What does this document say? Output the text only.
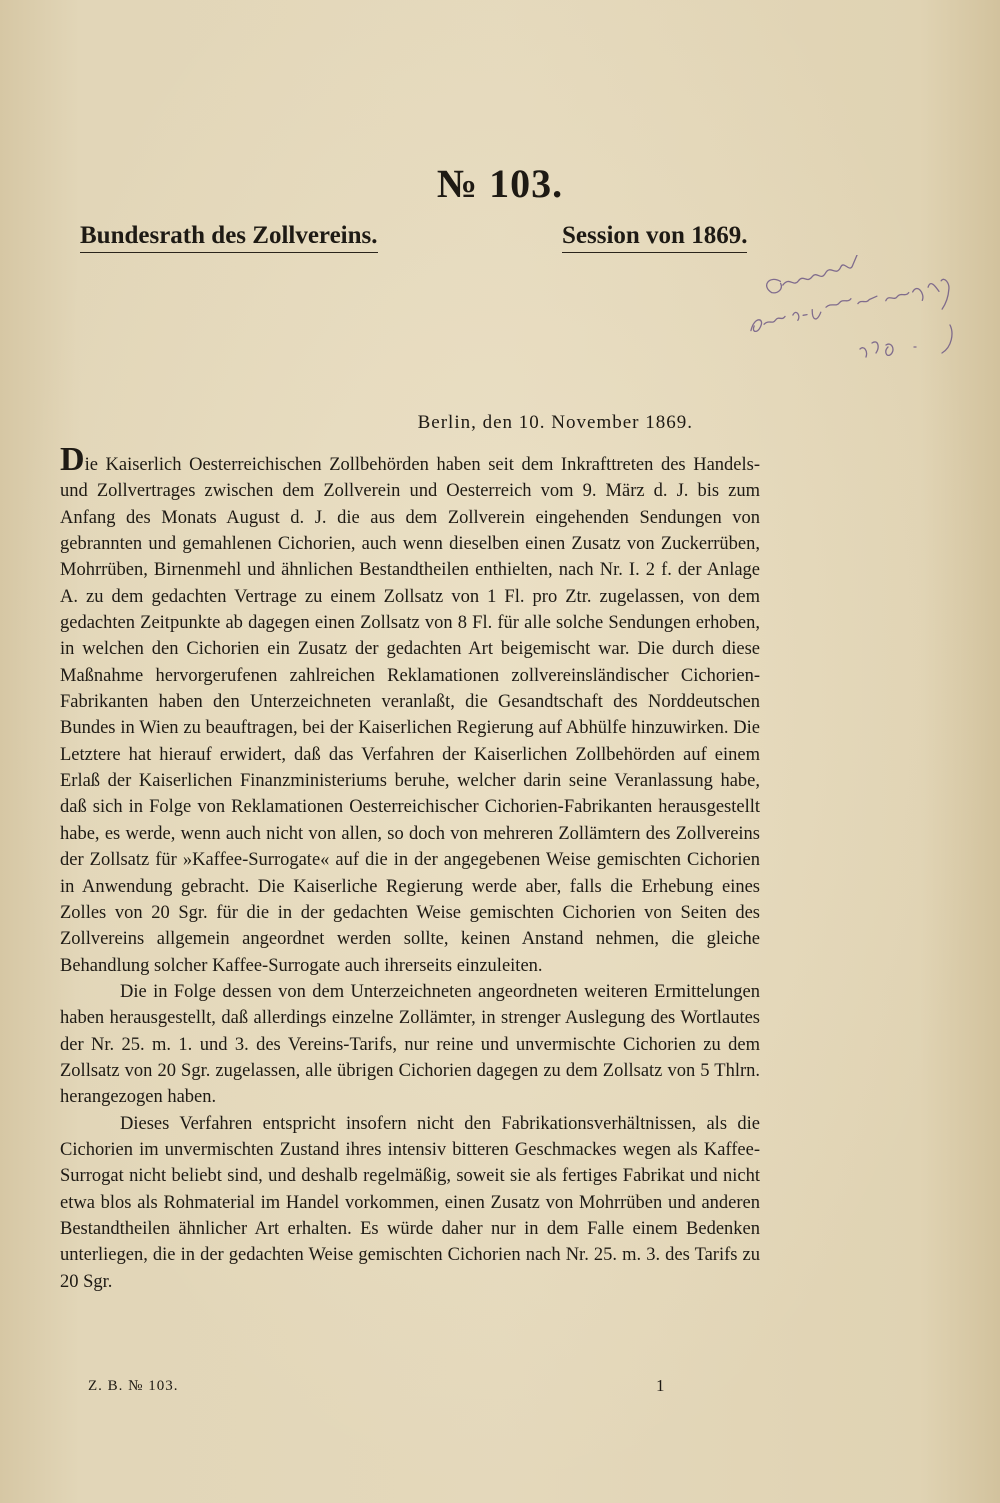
№ 103.
Bundesrath des Zollvereins.	Session von 1869.
Berlin, den 10. November 1869.

Die Kaiserlich Oesterreichischen Zollbehörden haben seit dem Inkrafttreten des Handels- und Zollvertrages zwischen dem Zollverein und Oesterreich vom 9. März d. J. bis zum Anfang des Monats August d. J. die aus dem Zollverein eingehenden Sendungen von gebrannten und gemahlenen Cichorien, auch wenn dieselben einen Zusatz von Zuckerrüben, Mohrrüben, Birnenmehl und ähnlichen Bestandtheilen enthielten, nach Nr. I. 2 f. der Anlage A. zu dem gedachten Vertrage zu einem Zollsatz von 1 Fl. pro Ztr. zugelassen, von dem gedachten Zeitpunkte ab dagegen einen Zollsatz von 8 Fl. für alle solche Sendungen erhoben, in welchen den Cichorien ein Zusatz der gedachten Art beigemischt war. Die durch diese Maßnahme hervorgerufenen zahlreichen Reklamationen zollvereinsländischer Cichorien-Fabrikanten haben den Unterzeichneten veranlaßt, die Gesandtschaft des Norddeutschen Bundes in Wien zu beauftragen, bei der Kaiserlichen Regierung auf Abhülfe hinzuwirken. Die Letztere hat hierauf erwidert, daß das Verfahren der Kaiserlichen Zollbehörden auf einem Erlaß der Kaiserlichen Finanzministeriums beruhe, welcher darin seine Veranlassung habe, daß sich in Folge von Reklamationen Oesterreichischer Cichorien-Fabrikanten herausgestellt habe, es werde, wenn auch nicht von allen, so doch von mehreren Zollämtern des Zollvereins der Zollsatz für »Kaffee-Surrogate« auf die in der angegebenen Weise gemischten Cichorien in Anwendung gebracht. Die Kaiserliche Regierung werde aber, falls die Erhebung eines Zolles von 20 Sgr. für die in der gedachten Weise gemischten Cichorien von Seiten des Zollvereins allgemein angeordnet werden sollte, keinen Anstand nehmen, die gleiche Behandlung solcher Kaffee-Surrogate auch ihrerseits einzuleiten.

Die in Folge dessen von dem Unterzeichneten angeordneten weiteren Ermittelungen haben herausgestellt, daß allerdings einzelne Zollämter, in strenger Auslegung des Wortlautes der Nr. 25. m. 1. und 3. des Vereins-Tarifs, nur reine und unvermischte Cichorien zu dem Zollsatz von 20 Sgr. zugelassen, alle übrigen Cichorien dagegen zu dem Zollsatz von 5 Thlrn. herangezogen haben.

Dieses Verfahren entspricht insofern nicht den Fabrikationsverhältnissen, als die Cichorien im unvermischten Zustand ihres intensiv bitteren Geschmackes wegen als Kaffee-Surrogat nicht beliebt sind, und deshalb regelmäßig, soweit sie als fertiges Fabrikat und nicht etwa blos als Rohmaterial im Handel vorkommen, einen Zusatz von Mohrrüben und anderen Bestandtheilen ähnlicher Art erhalten. Es würde daher nur in dem Falle einem Bedenken unterliegen, die in der gedachten Weise gemischten Cichorien nach Nr. 25. m. 3. des Tarifs zu 20 Sgr.

Z. B. № 103.	1
